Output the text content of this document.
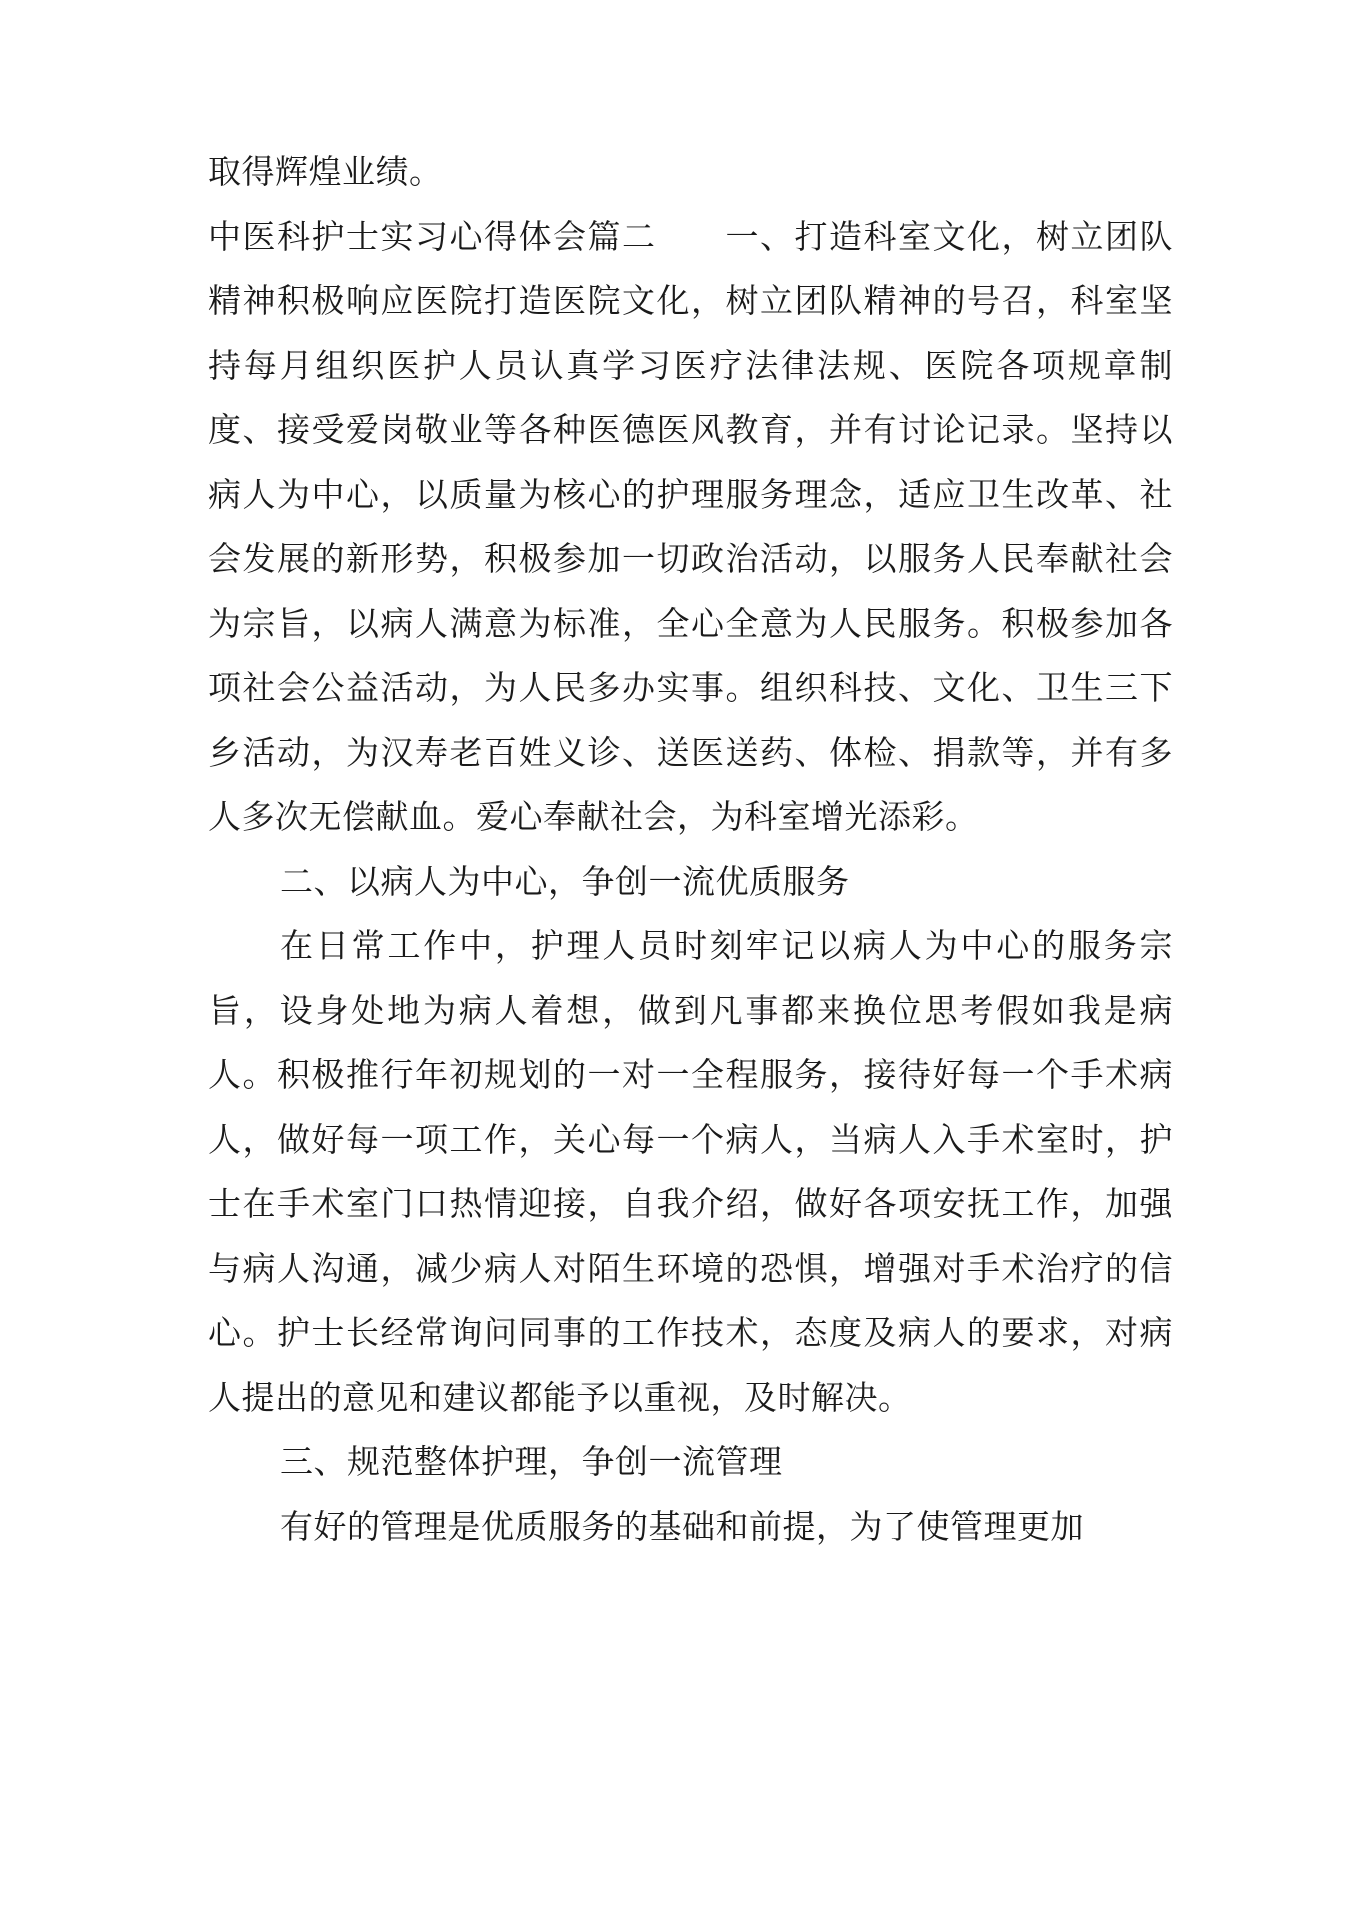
取得辉煌业绩。

中医科护士实习心得体会篇二　　一、打造科室文化，树立团队精神积极响应医院打造医院文化，树立团队精神的号召，科室坚持每月组织医护人员认真学习医疗法律法规、医院各项规章制度、接受爱岗敬业等各种医德医风教育，并有讨论记录。坚持以病人为中心，以质量为核心的护理服务理念，适应卫生改革、社会发展的新形势，积极参加一切政治活动，以服务人民奉献社会为宗旨，以病人满意为标准，全心全意为人民服务。积极参加各项社会公益活动，为人民多办实事。组织科技、文化、卫生三下乡活动，为汉寿老百姓义诊、送医送药、体检、捐款等，并有多人多次无偿献血。爱心奉献社会，为科室增光添彩。

二、以病人为中心，争创一流优质服务

在日常工作中，护理人员时刻牢记以病人为中心的服务宗旨，设身处地为病人着想，做到凡事都来换位思考假如我是病人。积极推行年初规划的一对一全程服务，接待好每一个手术病人，做好每一项工作，关心每一个病人，当病人入手术室时，护士在手术室门口热情迎接，自我介绍，做好各项安抚工作，加强与病人沟通，减少病人对陌生环境的恐惧，增强对手术治疗的信心。护士长经常询问同事的工作技术，态度及病人的要求，对病人提出的意见和建议都能予以重视，及时解决。

三、规范整体护理，争创一流管理

有好的管理是优质服务的基础和前提，为了使管理更加
